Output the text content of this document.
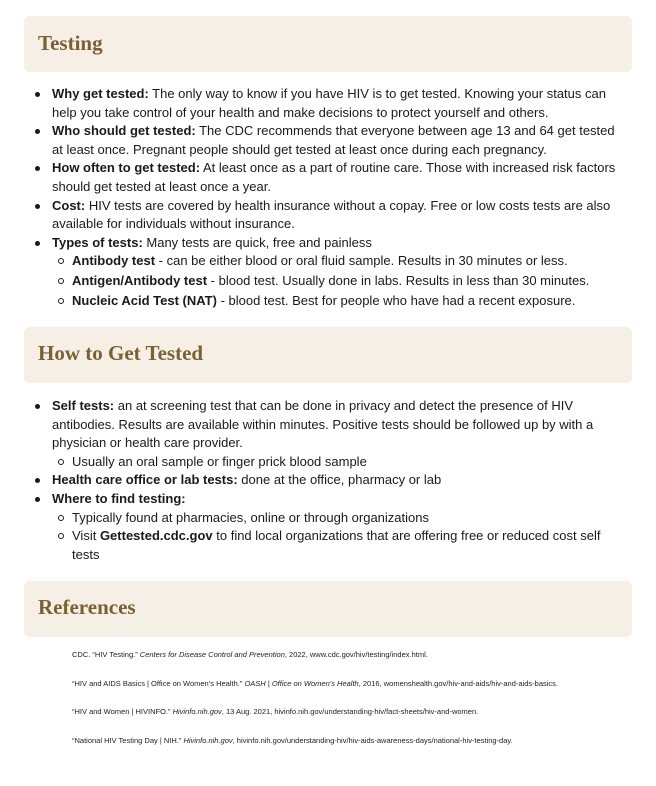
Testing
Why get tested: The only way to know if you have HIV is to get tested. Knowing your status can help you take control of your health and make decisions to protect yourself and others.
Who should get tested: The CDC recommends that everyone between age 13 and 64 get tested at least once. Pregnant people should get tested at least once during each pregnancy.
How often to get tested: At least once as a part of routine care. Those with increased risk factors should get tested at least once a year.
Cost: HIV tests are covered by health insurance without a copay. Free or low costs tests are also available for individuals without insurance.
Types of tests: Many tests are quick, free and painless
Antibody test - can be either blood or oral fluid sample. Results in 30 minutes or less.
Antigen/Antibody test - blood test. Usually done in labs. Results in less than 30 minutes.
Nucleic Acid Test (NAT) - blood test. Best for people who have had a recent exposure.
How to Get Tested
Self tests: an at screening test that can be done in privacy and detect the presence of HIV antibodies. Results are available within minutes. Positive tests should be followed up by with a physician or health care provider.
Usually an oral sample or finger prick blood sample
Health care office or lab tests: done at the office, pharmacy or lab
Where to find testing:
Typically found at pharmacies, online or through organizations
Visit Gettested.cdc.gov to find local organizations that are offering free or reduced cost self tests
References

CDC. “HIV Testing.” Centers for Disease Control and Prevention, 2022, www.cdc.gov/hiv/testing/index.html.

“HIV and AIDS Basics | Office on Women’s Health.” OASH | Office on Women's Health, 2016, womenshealth.gov/hiv-and-aids/hiv-and-aids-basics.

“HIV and Women | HIVINFO.” Hivinfo.nih.gov, 13 Aug. 2021, hivinfo.nih.gov/understanding-hiv/fact-sheets/hiv-and-women.

“National HIV Testing Day | NIH.” Hivinfo.nih.gov, hivinfo.nih.gov/understanding-hiv/hiv-aids-awareness-days/national-hiv-testing-day.
